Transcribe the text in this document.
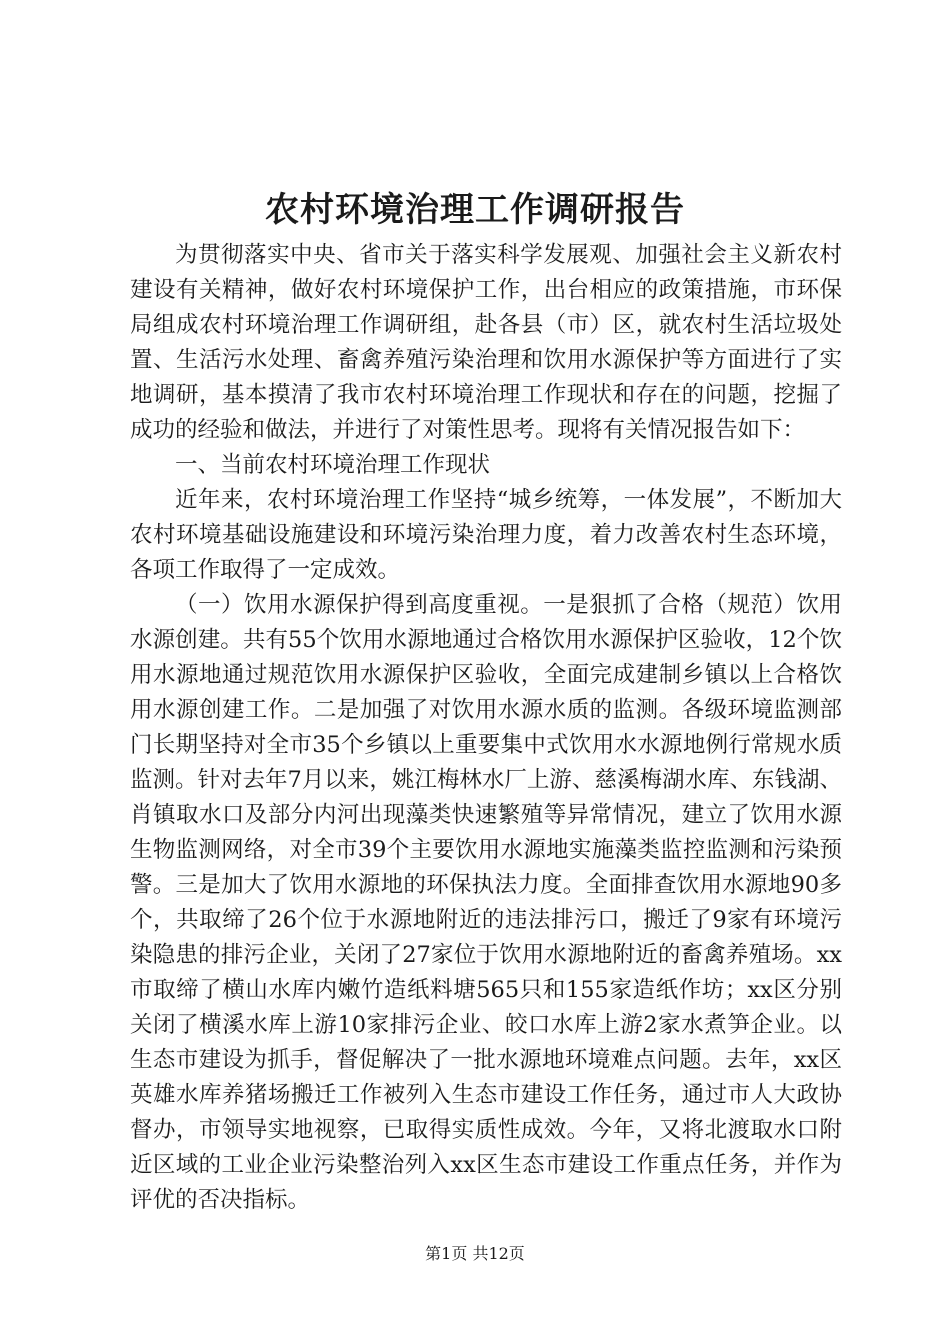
农村环境治理工作调研报告

为贯彻落实中央、省市关于落实科学发展观、加强社会主义新农村建设有关精神，做好农村环境保护工作，出台相应的政策措施，市环保局组成农村环境治理工作调研组，赴各县（市）区，就农村生活垃圾处置、生活污水处理、畜禽养殖污染治理和饮用水源保护等方面进行了实地调研，基本摸清了我市农村环境治理工作现状和存在的问题，挖掘了成功的经验和做法，并进行了对策性思考。现将有关情况报告如下：

一、当前农村环境治理工作现状

近年来，农村环境治理工作坚持“城乡统筹，一体发展”，不断加大农村环境基础设施建设和环境污染治理力度，着力改善农村生态环境，各项工作取得了一定成效。

（一）饮用水源保护得到高度重视。一是狠抓了合格（规范）饮用水源创建。共有55个饮用水源地通过合格饮用水源保护区验收，12个饮用水源地通过规范饮用水源保护区验收，全面完成建制乡镇以上合格饮用水源创建工作。二是加强了对饮用水源水质的监测。各级环境监测部门长期坚持对全市35个乡镇以上重要集中式饮用水水源地例行常规水质监测。针对去年7月以来，姚江梅林水厂上游、慈溪梅湖水库、东钱湖、肖镇取水口及部分内河出现藻类快速繁殖等异常情况，建立了饮用水源生物监测网络，对全市39个主要饮用水源地实施藻类监控监测和污染预警。三是加大了饮用水源地的环保执法力度。全面排查饮用水源地90多个，共取缔了26个位于水源地附近的违法排污口，搬迁了9家有环境污染隐患的排污企业，关闭了27家位于饮用水源地附近的畜禽养殖场。xx市取缔了横山水库内嫩竹造纸料塘565只和155家造纸作坊；xx区分别关闭了横溪水库上游10家排污企业、皎口水库上游2家水煮笋企业。以生态市建设为抓手，督促解决了一批水源地环境难点问题。去年，xx区英雄水库养猪场搬迁工作被列入生态市建设工作任务，通过市人大政协督办，市领导实地视察，已取得实质性成效。今年，又将北渡取水口附近区域的工业企业污染整治列入xx区生态市建设工作重点任务，并作为评优的否决指标。

第1页 共12页
